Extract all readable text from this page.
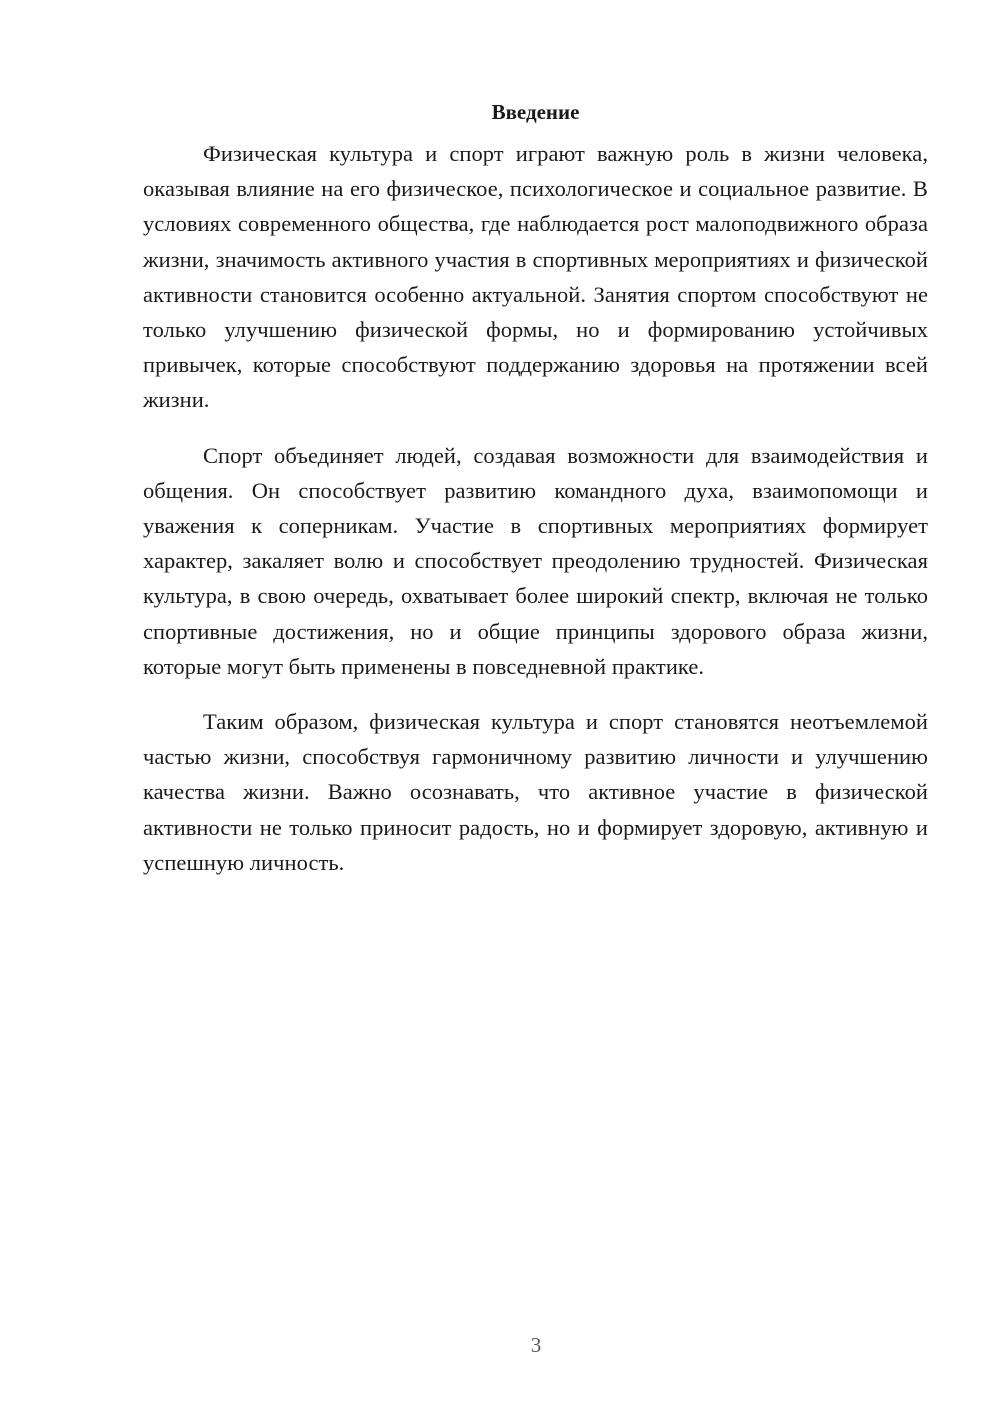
Введение

Физическая культура и спорт играют важную роль в жизни человека, оказывая влияние на его физическое, психологическое и социальное развитие. В условиях современного общества, где наблюдается рост малоподвижного образа жизни, значимость активного участия в спортивных мероприятиях и физической активности становится особенно актуальной. Занятия спортом способствуют не только улучшению физической формы, но и формированию устойчивых привычек, которые способствуют поддержанию здоровья на протяжении всей жизни.

Спорт объединяет людей, создавая возможности для взаимодействия и общения. Он способствует развитию командного духа, взаимопомощи и уважения к соперникам. Участие в спортивных мероприятиях формирует характер, закаляет волю и способствует преодолению трудностей. Физическая культура, в свою очередь, охватывает более широкий спектр, включая не только спортивные достижения, но и общие принципы здорового образа жизни, которые могут быть применены в повседневной практике.

Таким образом, физическая культура и спорт становятся неотъемлемой частью жизни, способствуя гармоничному развитию личности и улучшению качества жизни. Важно осознавать, что активное участие в физической активности не только приносит радость, но и формирует здоровую, активную и успешную личность.

3
